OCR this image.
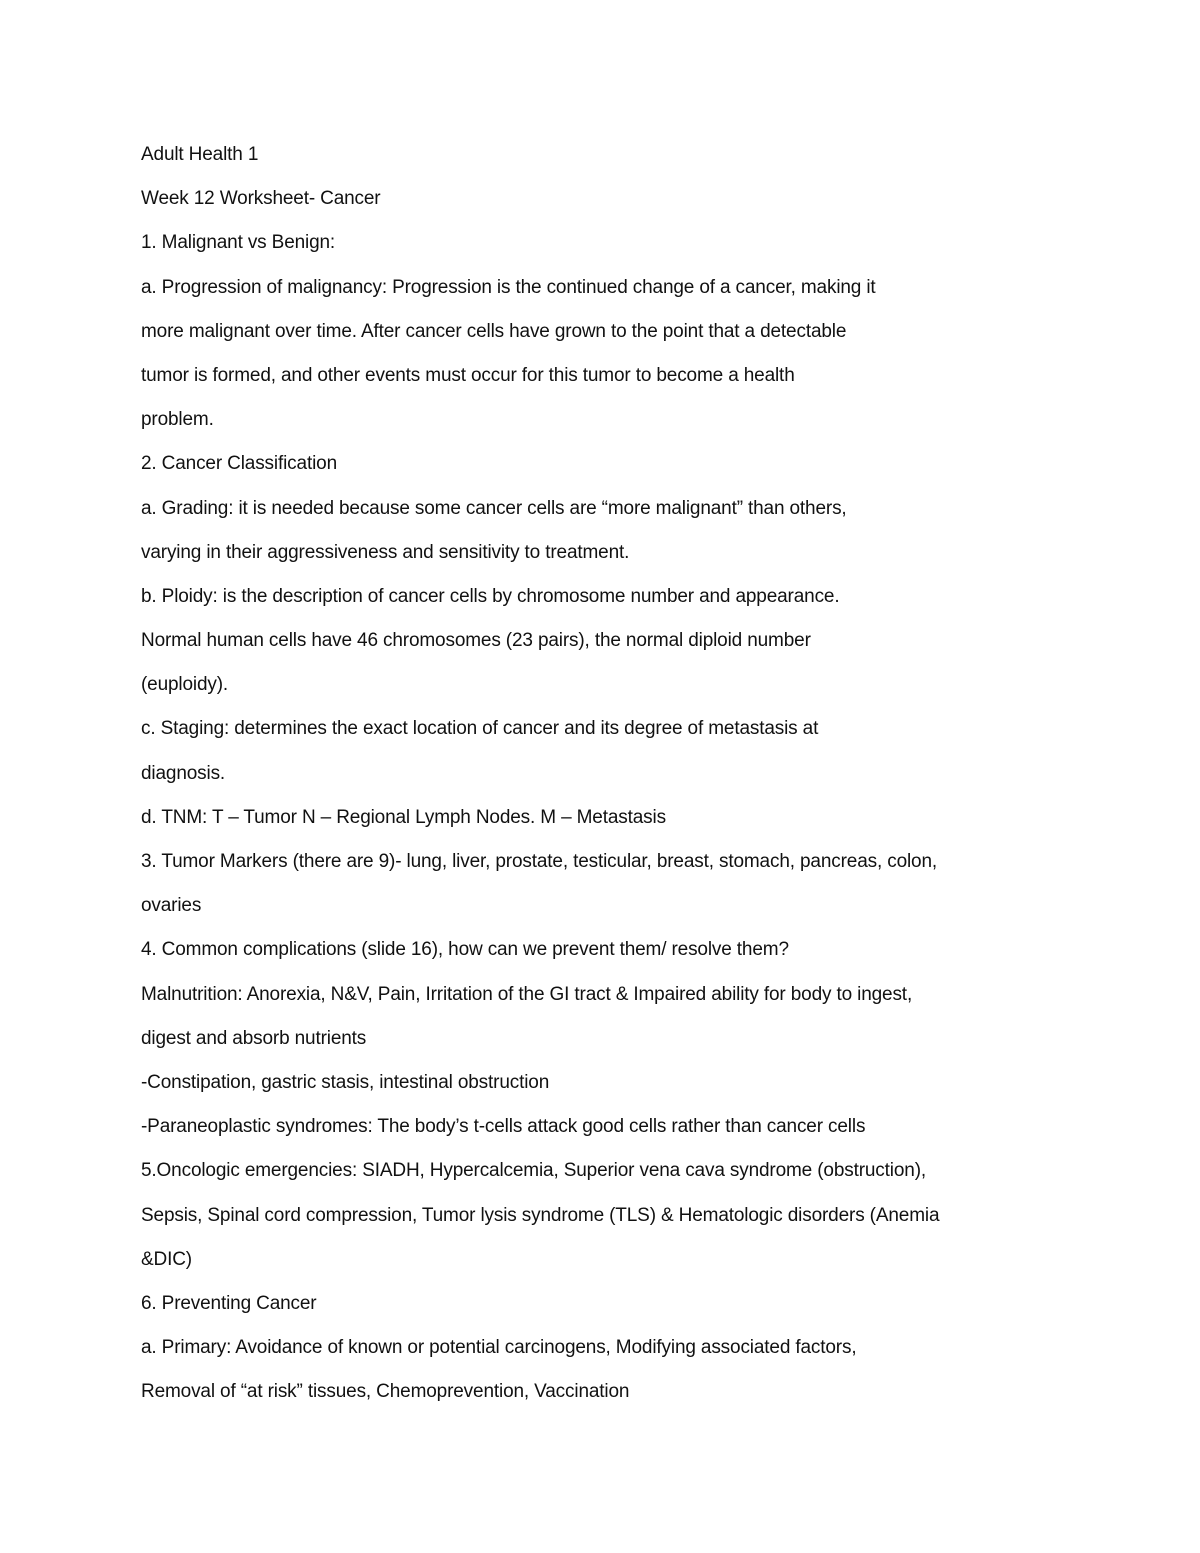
Adult Health 1
Week 12 Worksheet- Cancer
1. Malignant vs Benign:
a. Progression of malignancy: Progression is the continued change of a cancer, making it
more malignant over time. After cancer cells have grown to the point that a detectable
tumor is formed, and other events must occur for this tumor to become a health
problem.
2. Cancer Classification
a. Grading: it is needed because some cancer cells are “more malignant” than others,
varying in their aggressiveness and sensitivity to treatment.
b. Ploidy: is the description of cancer cells by chromosome number and appearance.
Normal human cells have 46 chromosomes (23 pairs), the normal diploid number
(euploidy).
c. Staging: determines the exact location of cancer and its degree of metastasis at
diagnosis.
d. TNM: T – Tumor N – Regional Lymph Nodes. M – Metastasis
3. Tumor Markers (there are 9)- lung, liver, prostate, testicular, breast, stomach, pancreas, colon,
ovaries
4. Common complications (slide 16), how can we prevent them/ resolve them?
Malnutrition: Anorexia, N&V, Pain, Irritation of the GI tract & Impaired ability for body to ingest,
digest and absorb nutrients
-Constipation, gastric stasis, intestinal obstruction
-Paraneoplastic syndromes: The body’s t-cells attack good cells rather than cancer cells
5.Oncologic emergencies: SIADH, Hypercalcemia, Superior vena cava syndrome (obstruction),
Sepsis, Spinal cord compression, Tumor lysis syndrome (TLS) & Hematologic disorders (Anemia
&DIC)
6. Preventing Cancer
a. Primary: Avoidance of known or potential carcinogens, Modifying associated factors,
Removal of “at risk” tissues, Chemoprevention, Vaccination
